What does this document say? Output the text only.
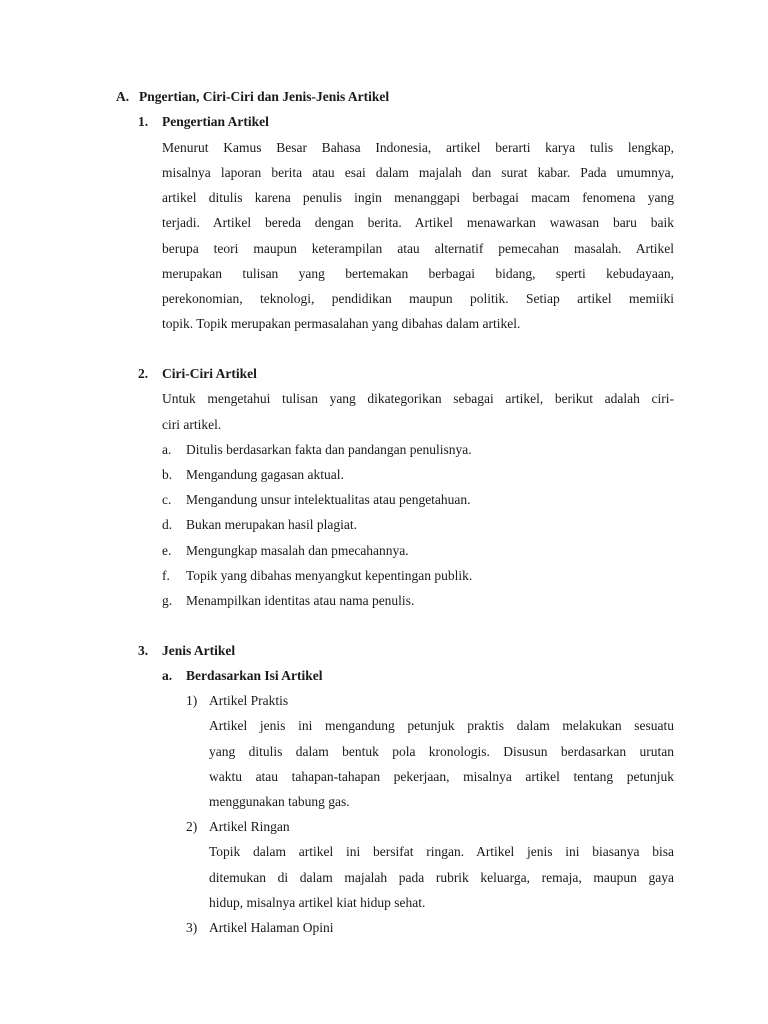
A. Pngertian, Ciri-Ciri dan Jenis-Jenis Artikel
1. Pengertian Artikel
Menurut Kamus Besar Bahasa Indonesia, artikel berarti karya tulis lengkap,
misalnya laporan berita atau esai dalam majalah dan surat kabar. Pada umumnya,
artikel ditulis karena penulis ingin menanggapi berbagai macam fenomena yang
terjadi. Artikel bereda dengan berita. Artikel menawarkan wawasan baru baik
berupa teori maupun keterampilan atau alternatif pemecahan masalah. Artikel
merupakan tulisan yang bertemakan berbagai bidang, sperti kebudayaan,
perekonomian, teknologi, pendidikan maupun politik. Setiap artikel memiiki
topik. Topik merupakan permasalahan yang dibahas dalam artikel.
2. Ciri-Ciri Artikel
Untuk mengetahui tulisan yang dikategorikan sebagai artikel, berikut adalah ciri-
ciri artikel.
a. Ditulis berdasarkan fakta dan pandangan penulisnya.
b. Mengandung gagasan aktual.
c. Mengandung unsur intelektualitas atau pengetahuan.
d. Bukan merupakan hasil plagiat.
e. Mengungkap masalah dan pmecahannya.
f. Topik yang dibahas menyangkut kepentingan publik.
g. Menampilkan identitas atau nama penulis.
3. Jenis Artikel
a. Berdasarkan Isi Artikel
1) Artikel Praktis
Artikel jenis ini mengandung petunjuk praktis dalam melakukan sesuatu
yang ditulis dalam bentuk pola kronologis. Disusun berdasarkan urutan
waktu atau tahapan-tahapan pekerjaan, misalnya artikel tentang petunjuk
menggunakan tabung gas.
2) Artikel Ringan
Topik dalam artikel ini bersifat ringan. Artikel jenis ini biasanya bisa
ditemukan di dalam majalah pada rubrik keluarga, remaja, maupun gaya
hidup, misalnya artikel kiat hidup sehat.
3) Artikel Halaman Opini
